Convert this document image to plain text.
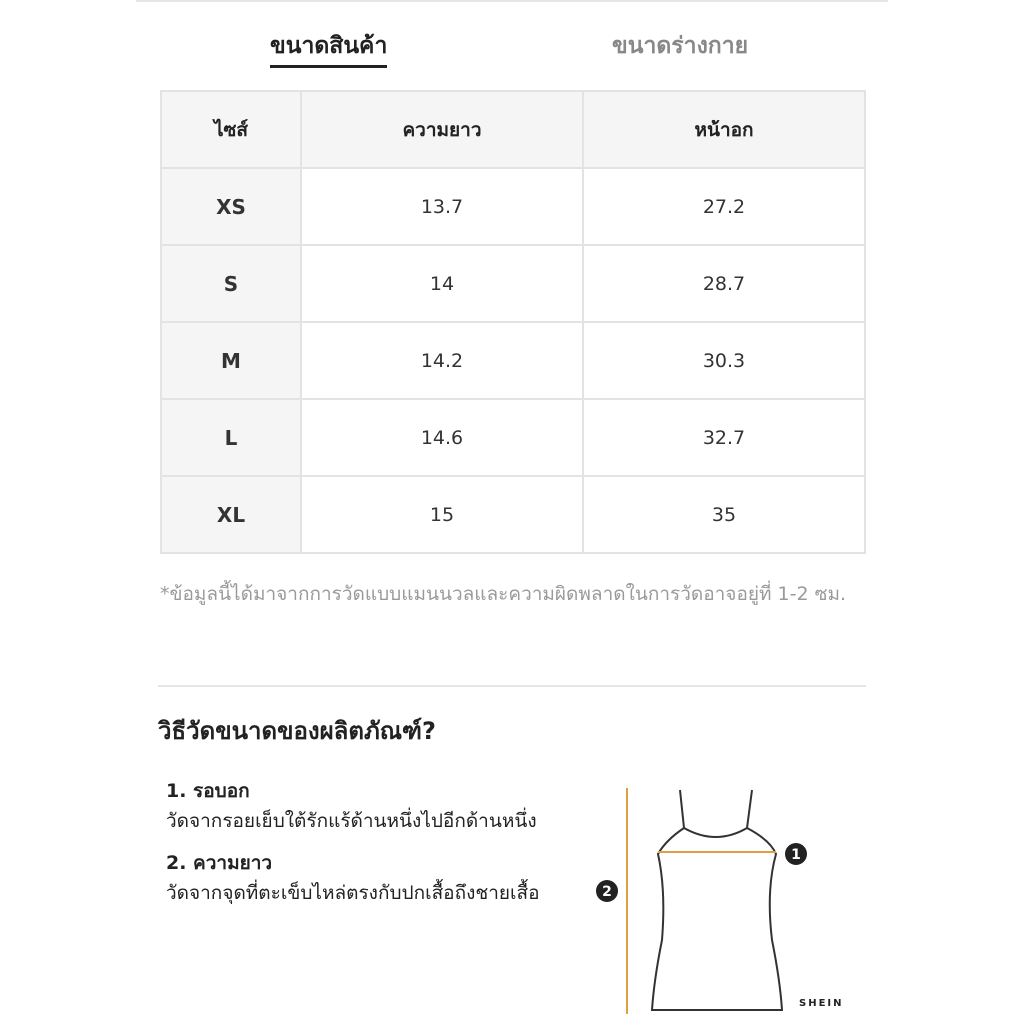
ขนาดสินค้า	ขนาดร่างกาย
ไซส์	ความยาว	หน้าอก
XS	13.7	27.2
S	14	28.7
M	14.2	30.3
L	14.6	32.7
XL	15	35

*ข้อมูลนี้ได้มาจากการวัดแบบแมนนวลและความผิดพลาดในการวัดอาจอยู่ที่ 1-2 ซม.

วิธีวัดขนาดของผลิตภัณฑ์?
1. รอบอก
วัดจากรอยเย็บใต้รักแร้ด้านหนึ่งไปอีกด้านหนึ่ง
2. ความยาว
วัดจากจุดที่ตะเข็บไหล่ตรงกับปกเสื้อถึงชายเสื้อ
1
2
SHEIN
